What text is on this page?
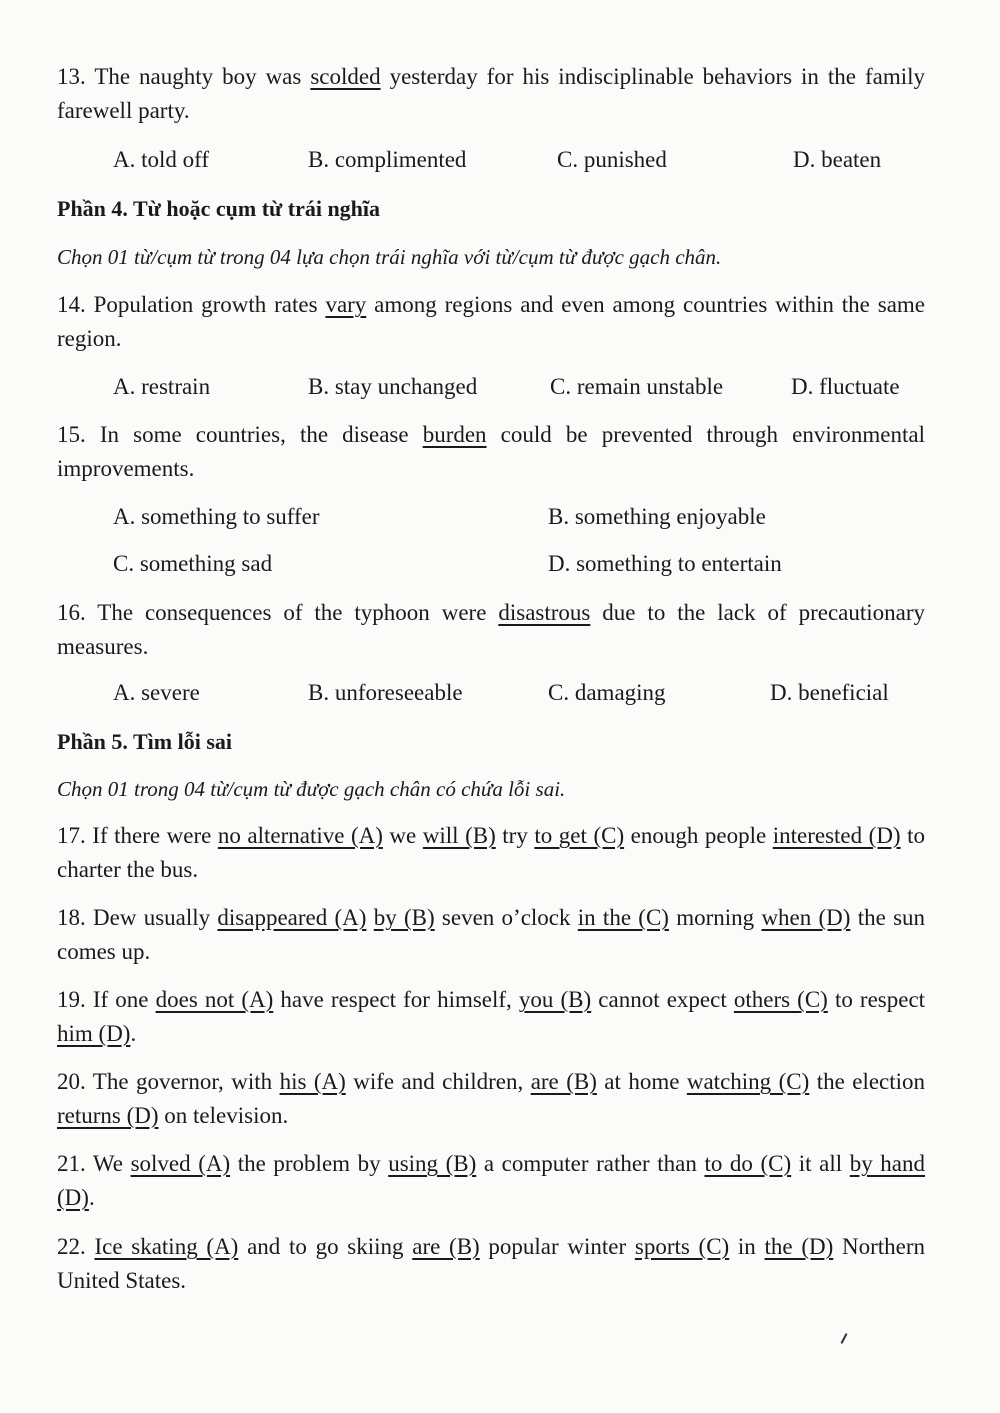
13. The naughty boy was scolded yesterday for his indisciplinable behaviors in the family farewell party.
A. told off	B. complimented	C. punished	D. beaten
Phần 4. Từ hoặc cụm từ trái nghĩa
Chọn 01 từ/cụm từ trong 04 lựa chọn trái nghĩa với từ/cụm từ được gạch chân.
14. Population growth rates vary among regions and even among countries within the same region.
A. restrain	B. stay unchanged	C. remain unstable	D. fluctuate
15. In some countries, the disease burden could be prevented through environmental improvements.
A. something to suffer	B. something enjoyable
C. something sad	D. something to entertain
16. The consequences of the typhoon were disastrous due to the lack of precautionary measures.
A. severe	B. unforeseeable	C. damaging	D. beneficial
Phần 5. Tìm lỗi sai
Chọn 01 trong 04 từ/cụm từ được gạch chân có chứa lỗi sai.
17. If there were no alternative (A) we will (B) try to get (C) enough people interested (D) to charter the bus.
18. Dew usually disappeared (A) by (B) seven o’clock in the (C) morning when (D) the sun comes up.
19. If one does not (A) have respect for himself, you (B) cannot expect others (C) to respect him (D).
20. The governor, with his (A) wife and children, are (B) at home watching (C) the election returns (D) on television.
21. We solved (A) the problem by using (B) a computer rather than to do (C) it all by hand (D).
22. Ice skating (A) and to go skiing are (B) popular winter sports (C) in the (D) Northern United States.
